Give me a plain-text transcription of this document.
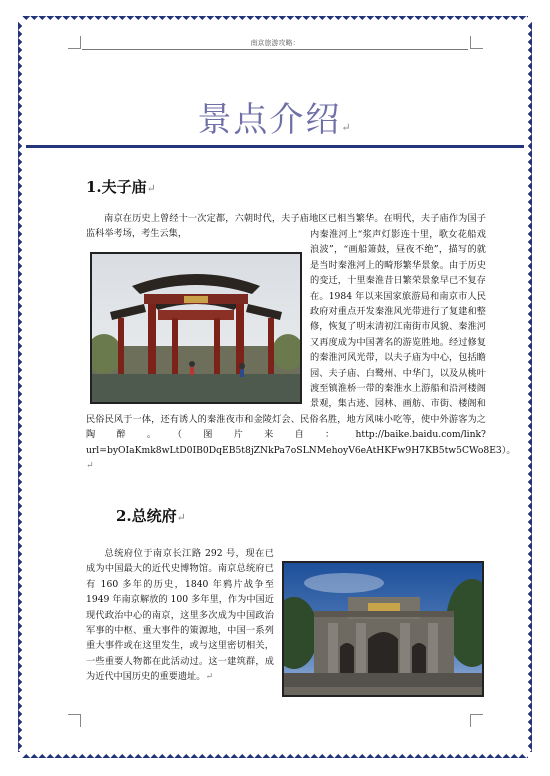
南京旅游攻略：
景点介绍↵
1.夫子庙↵
南京在历史上曾经十一次定都，六朝时代，夫子庙地区已相当繁华。在明代，夫子庙作为国子监科举考场，考生云集，	内秦淮河上“浆声灯影连十里，歌女花船戏浪波”，“画船箫鼓，昼夜不绝”，描写的就是当时秦淮河上的畸形繁华景象。由于历史的变迁，十里秦淮昔日繁荣景象早已不复存在。1984 年以来国家旅游局和南京市人民政府对重点开发秦淮风光带进行了复建和整修，恢复了明末清初江南街市风貌、秦淮河又再度成为中国著名的游览胜地。经过修复的秦淮河风光带，以夫子庙为中心，包括瞻园、夫子庙、白鹭州、中华门，以及从桃叶渡至镇淮桥一带的秦淮水上游船和沿河楼阁景观，集古迹、园林、画舫、市街、楼阁和民俗民风于一体，还有诱人的秦淮夜市和金陵灯会、民俗名胜，地方风味小吃等，使中外游客为之陶醉。（图片来自：http://baike.baidu.com/link?url=byOIaKmk8wLtD0IB0DqEB5t8jZNkPa7oSLNMehoyV6eAtHKFw9H7KB5tw5CWo8E3）。↵
2.总统府↵
总统府位于南京长江路 292 号，现在已成为中国最大的近代史博物馆。南京总统府已有 160 多年的历史，1840 年鸦片战争至 1949 年南京解放的 100 多年里，作为中国近现代政治中心的南京，这里多次成为中国政治军事的中枢、重大事件的策源地，中国一系列重大事件或在这里发生，或与这里密切相关，一些重要人物都在此活动过。这一建筑群，成为近代中国历史的重要遗址。↵
